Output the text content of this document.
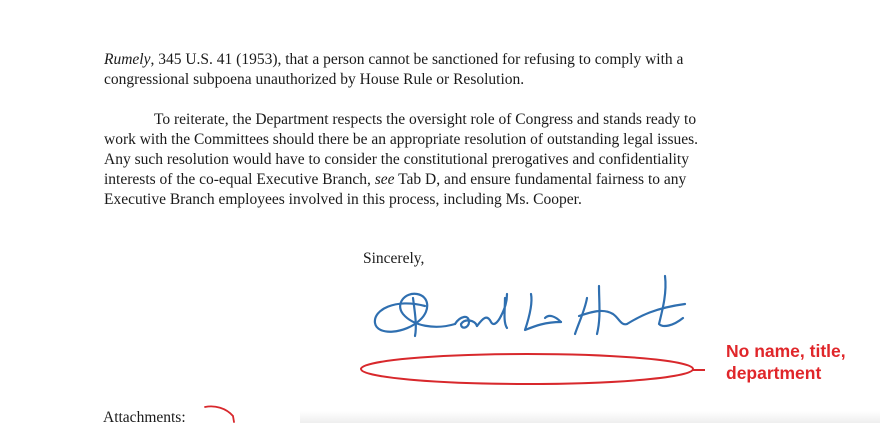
Rumely, 345 U.S. 41 (1953), that a person cannot be sanctioned for refusing to comply with a
congressional subpoena unauthorized by House Rule or Resolution.
To reiterate, the Department respects the oversight role of Congress and stands ready to
work with the Committees should there be an appropriate resolution of outstanding legal issues.
Any such resolution would have to consider the constitutional prerogatives and confidentiality
interests of the co-equal Executive Branch, see Tab D, and ensure fundamental fairness to any
Executive Branch employees involved in this process, including Ms. Cooper.
Sincerely,
No name, title,
department
Attachments:
